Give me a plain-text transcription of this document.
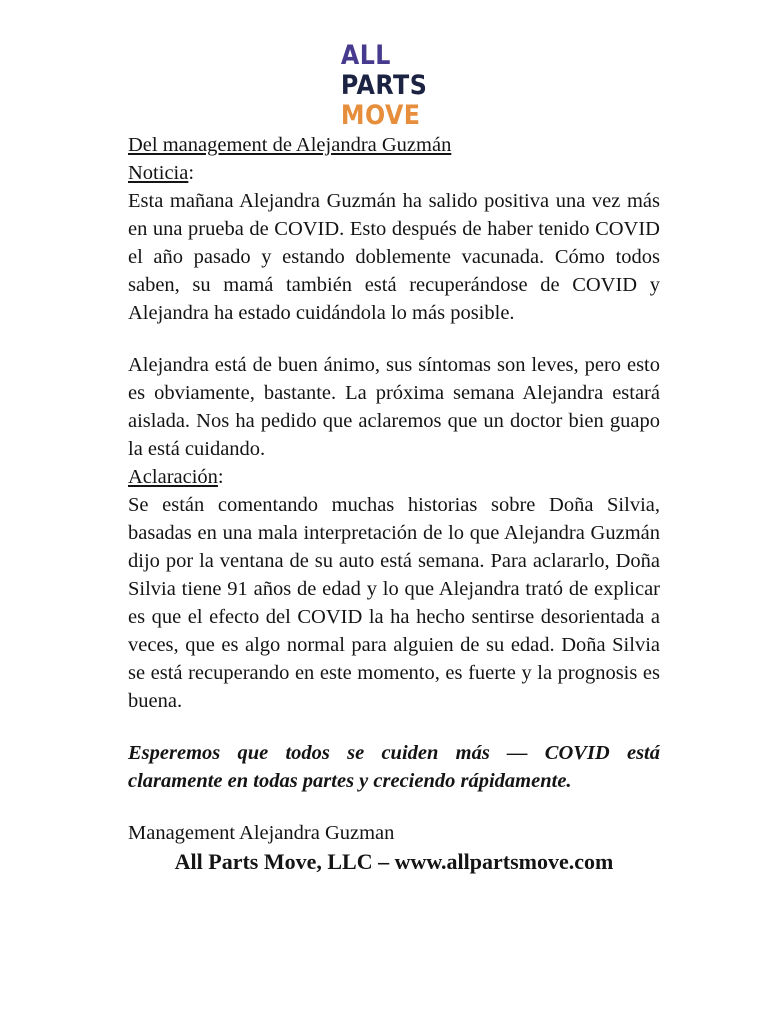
ALL
PARTS
MOVE

Del management de Alejandra Guzmán

Noticia:

Esta mañana Alejandra Guzmán ha salido positiva una vez más en una prueba de COVID. Esto después de haber tenido COVID el año pasado y estando doblemente vacunada. Cómo todos saben, su mamá también está recuperándose de COVID y Alejandra ha estado cuidándola lo más posible.

Alejandra está de buen ánimo, sus síntomas son leves, pero esto es obviamente, bastante. La próxima semana Alejandra estará aislada. Nos ha pedido que aclaremos que un doctor bien guapo la está cuidando.

Aclaración:

Se están comentando muchas historias sobre Doña Silvia, basadas en una mala interpretación de lo que Alejandra Guzmán dijo por la ventana de su auto está semana. Para aclararlo, Doña Silvia tiene 91 años de edad y lo que Alejandra trató de explicar es que el efecto del COVID la ha hecho sentirse desorientada a veces, que es algo normal para alguien de su edad. Doña Silvia se está recuperando en este momento, es fuerte y la prognosis es buena.

Esperemos que todos se cuiden más — COVID está claramente en todas partes y creciendo rápidamente.

Management Alejandra Guzman

All Parts Move, LLC – www.allpartsmove.com
